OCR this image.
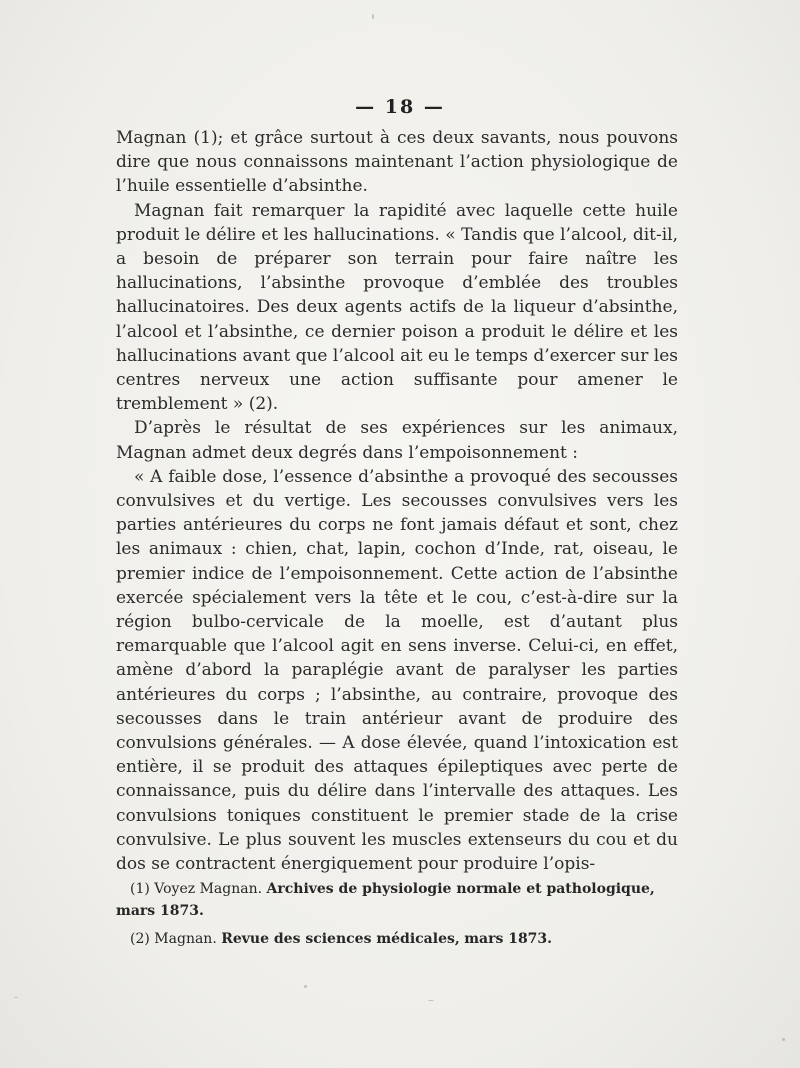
— 18 —

Magnan (1); et grâce surtout à ces deux savants, nous pouvons dire que nous connaissons maintenant l’action physiologique de l’huile essentielle d’absinthe.

Magnan fait remarquer la rapidité avec laquelle cette huile produit le délire et les hallucinations. « Tandis que l’alcool, dit-il, a besoin de préparer son terrain pour faire naître les hallucinations, l’absinthe provoque d’emblée des troubles hallucinatoires. Des deux agents actifs de la liqueur d’absinthe, l’alcool et l’absinthe, ce dernier poison a produit le délire et les hallucinations avant que l’alcool ait eu le temps d’exercer sur les centres nerveux une action suffisante pour amener le tremblement » (2).

D’après le résultat de ses expériences sur les animaux, Magnan admet deux degrés dans l’empoisonnement :

« A faible dose, l’essence d’absinthe a provoqué des secousses convulsives et du vertige. Les secousses convulsives vers les parties antérieures du corps ne font jamais défaut et sont, chez les animaux : chien, chat, lapin, cochon d’Inde, rat, oiseau, le premier indice de l’empoisonnement. Cette action de l’absinthe exercée spécialement vers la tête et le cou, c’est-à-dire sur la région bulbo-cervicale de la moelle, est d’autant plus remarquable que l’alcool agit en sens inverse. Celui-ci, en effet, amène d’abord la paraplégie avant de paralyser les parties antérieures du corps ; l’absinthe, au contraire, provoque des secousses dans le train antérieur avant de produire des convulsions générales. — A dose élevée, quand l’intoxication est entière, il se produit des attaques épileptiques avec perte de connaissance, puis du délire dans l’intervalle des attaques. Les convulsions toniques constituent le premier stade de la crise convulsive. Le plus souvent les muscles extenseurs du cou et du dos se contractent énergiquement pour produire l’opis-

(1) Voyez Magnan. Archives de physiologie normale et pathologique, mars 1873.

(2) Magnan. Revue des sciences médicales, mars 1873.
